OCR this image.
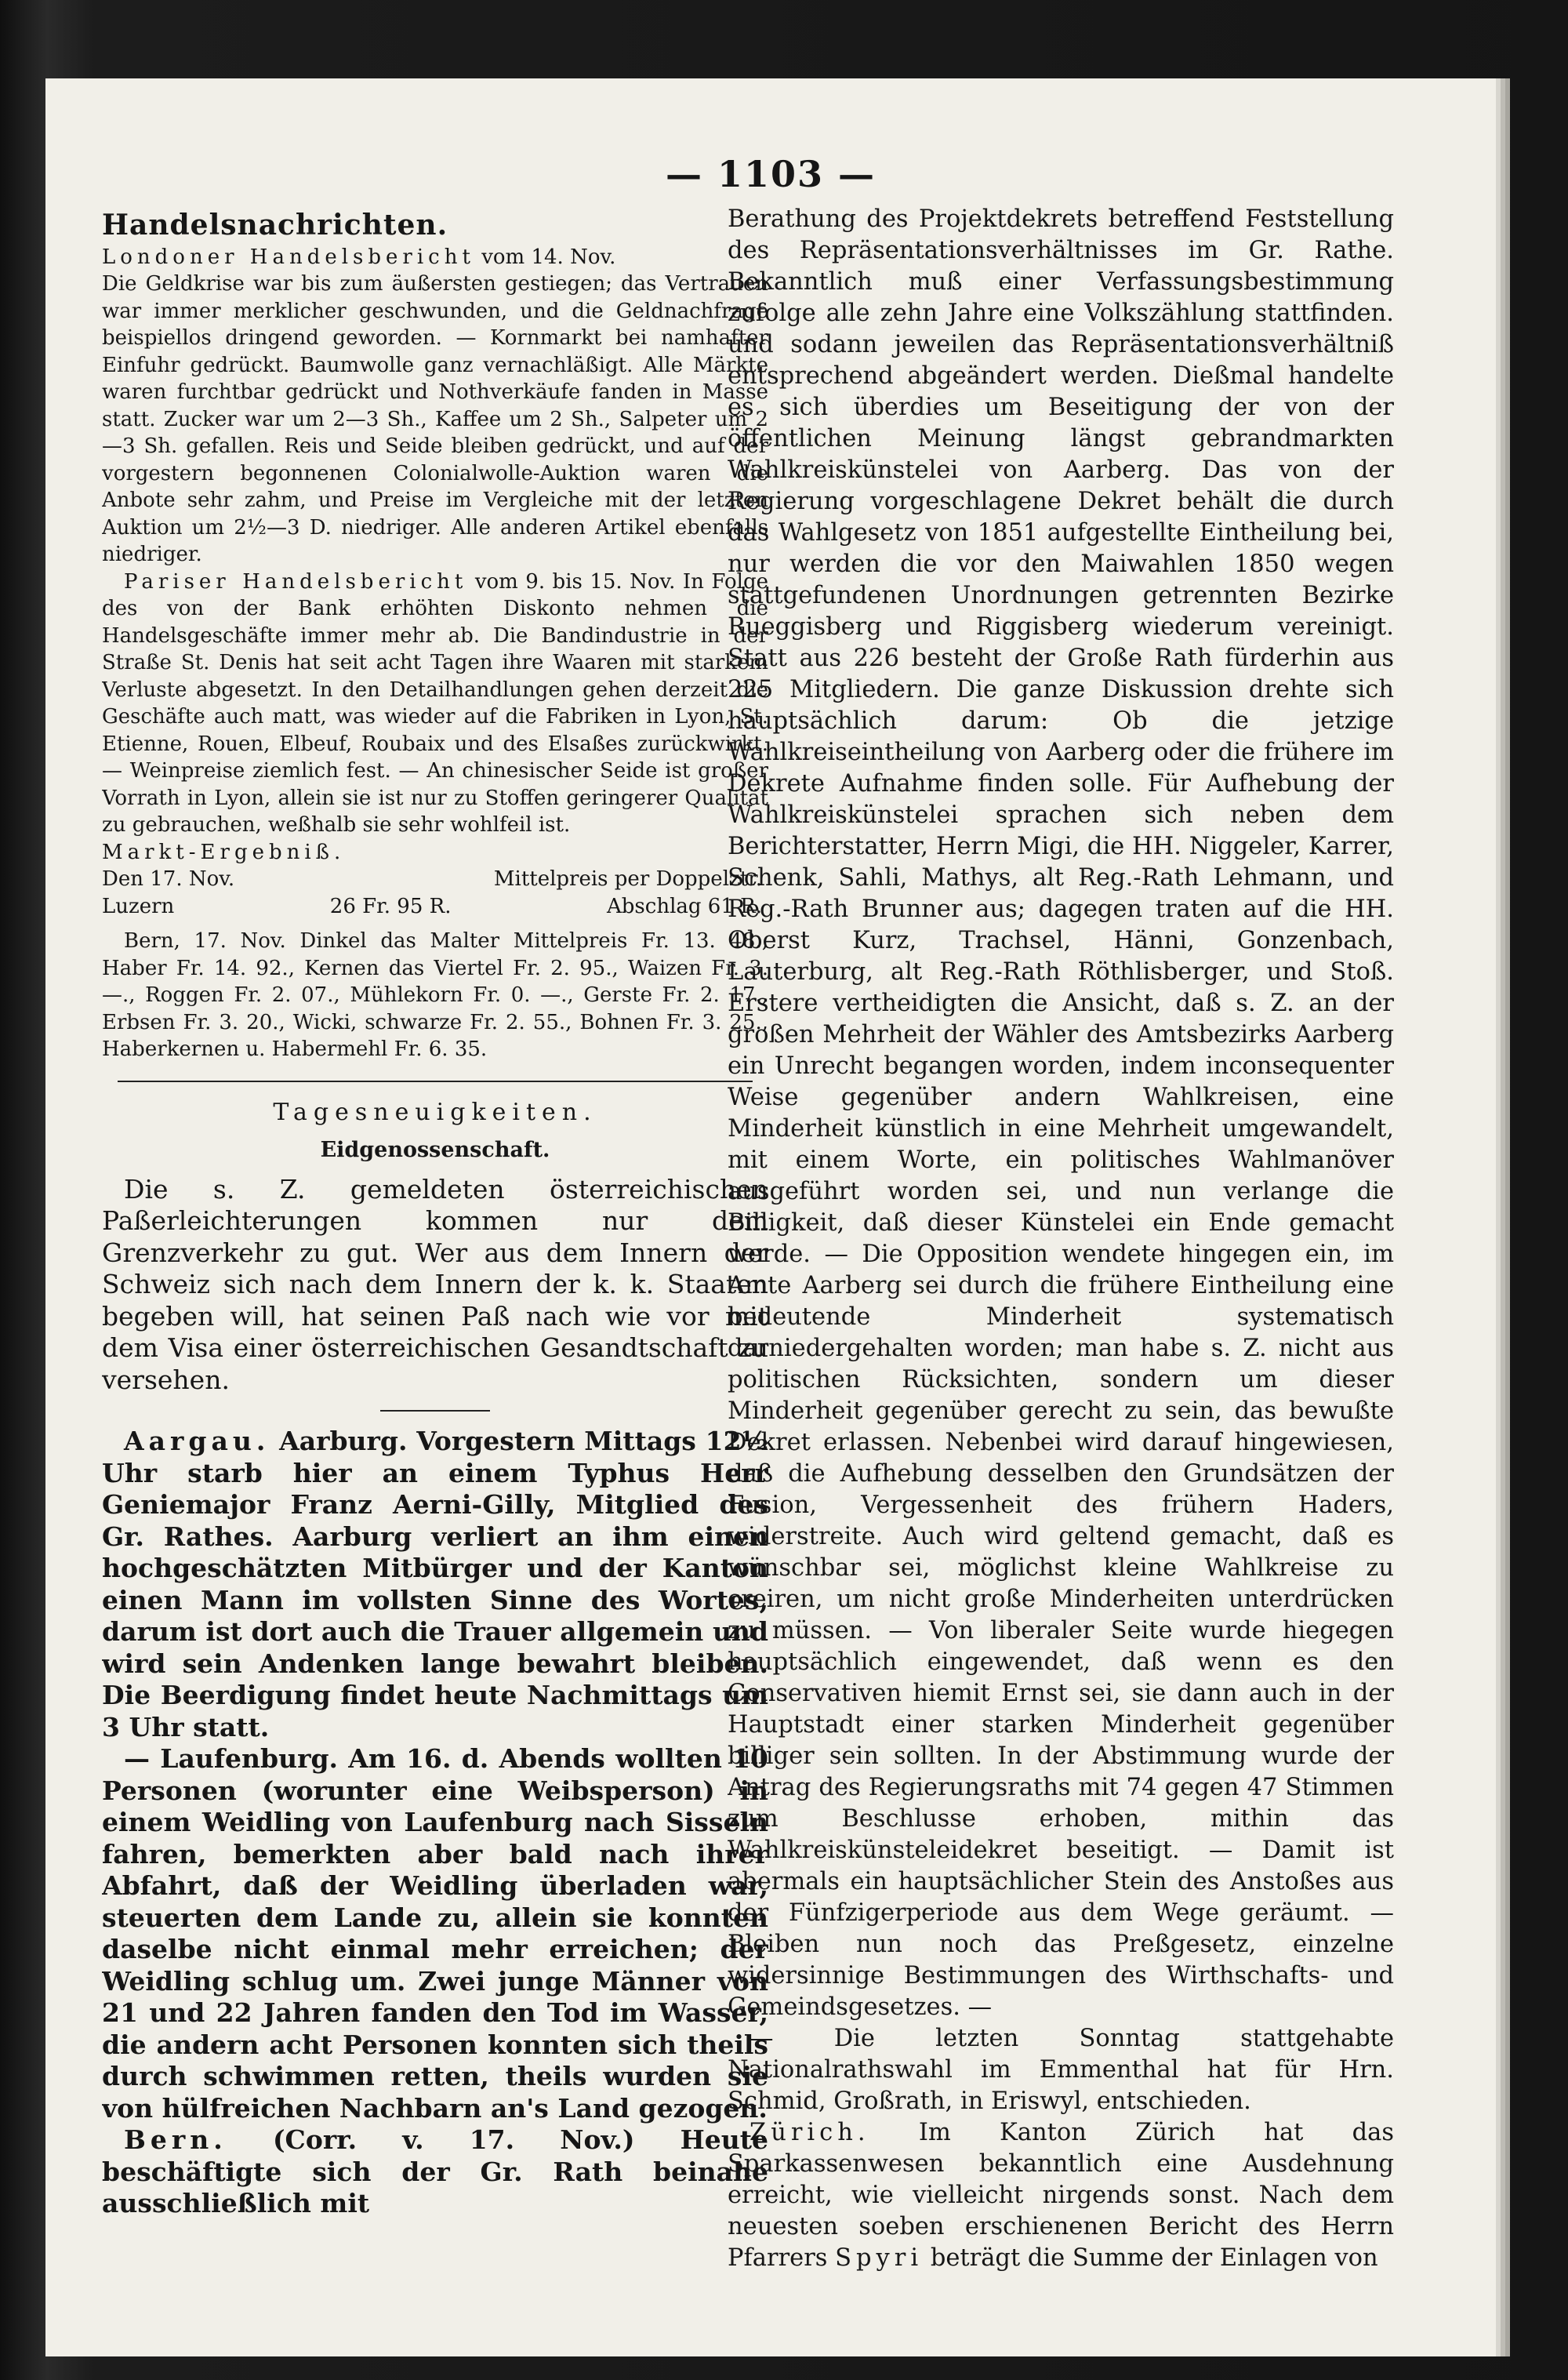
— 1103 —
Handelsnachrichten.

Londoner Handelsbericht vom 14. Nov.
Die Geldkrise war bis zum äußersten gestiegen; das Vertrauen war immer merklicher geschwunden, und die Geldnachfrage beispiellos dringend geworden. — Kornmarkt bei namhafter Einfuhr gedrückt. Baumwolle ganz vernachläßigt. Alle Märkte waren furchtbar gedrückt und Nothverkäufe fanden in Masse statt. Zucker war um 2—3 Sh., Kaffee um 2 Sh., Salpeter um 2—3 Sh. gefallen. Reis und Seide bleiben gedrückt, und auf der vorgestern begonnenen Colonialwolle-Auktion waren die Anbote sehr zahm, und Preise im Vergleiche mit der letzten Auktion um 2½—3 D. niedriger. Alle anderen Artikel ebenfalls niedriger.

Pariser Handelsbericht vom 9. bis 15. Nov. In Folge des von der Bank erhöhten Diskonto nehmen die Handelsgeschäfte immer mehr ab. Die Bandindustrie in der Straße St. Denis hat seit acht Tagen ihre Waaren mit starkem Verluste abgesetzt. In den Detailhandlungen gehen derzeit die Geschäfte auch matt, was wieder auf die Fabriken in Lyon, St. Etienne, Rouen, Elbeuf, Roubaix und des Elsaßes zurückwirkt. — Weinpreise ziemlich fest. — An chinesischer Seide ist großer Vorrath in Lyon, allein sie ist nur zu Stoffen geringerer Qualität zu gebrauchen, weßhalb sie sehr wohlfeil ist.

Markt-Ergebniß.

Den 17. Nov.	Mittelpreis per Doppelztr.
Luzern	26 Fr. 95 R.	Abschlag 61 R.

Bern, 17. Nov. Dinkel das Malter Mittelpreis Fr. 13. 48., Haber Fr. 14. 92., Kernen das Viertel Fr. 2. 95., Waizen Fr. 3. —., Roggen Fr. 2. 07., Mühlekorn Fr. 0. —., Gerste Fr. 2. 17., Erbsen Fr. 3. 20., Wicki, schwarze Fr. 2. 55., Bohnen Fr. 3. 25., Haberkernen u. Habermehl Fr. 6. 35.

Tagesneuigkeiten.
Eidgenossenschaft.

Die s. Z. gemeldeten österreichischen Paßerleichterungen kommen nur dem Grenzverkehr zu gut. Wer aus dem Innern der Schweiz sich nach dem Innern der k. k. Staaten begeben will, hat seinen Paß nach wie vor mit dem Visa einer österreichischen Gesandtschaft zu versehen.

Aargau. Aarburg. Vorgestern Mittags 12½ Uhr starb hier an einem Typhus Herr Geniemajor Franz Aerni-Gilly, Mitglied des Gr. Rathes. Aarburg verliert an ihm einen hochgeschätzten Mitbürger und der Kanton einen Mann im vollsten Sinne des Wortes, darum ist dort auch die Trauer allgemein und wird sein Andenken lange bewahrt bleiben. Die Beerdigung findet heute Nachmittags um 3 Uhr statt.

— Laufenburg. Am 16. d. Abends wollten 10 Personen (worunter eine Weibsperson) in einem Weidling von Laufenburg nach Sisseln fahren, bemerkten aber bald nach ihrer Abfahrt, daß der Weidling überladen war, steuerten dem Lande zu, allein sie konnten daselbe nicht einmal mehr erreichen; der Weidling schlug um. Zwei junge Männer von 21 und 22 Jahren fanden den Tod im Wasser, die andern acht Personen konnten sich theils durch schwimmen retten, theils wurden sie von hülfreichen Nachbarn an's Land gezogen.

Bern. (Corr. v. 17. Nov.) Heute beschäftigte sich der Gr. Rath beinahe ausschließlich mit

Berathung des Projektdekrets betreffend Feststellung des Repräsentationsverhältnisses im Gr. Rathe. Bekanntlich muß einer Verfassungsbestimmung zufolge alle zehn Jahre eine Volkszählung stattfinden. und sodann jeweilen das Repräsentationsverhältniß entsprechend abgeändert werden. Dießmal handelte es sich überdies um Beseitigung der von der öffentlichen Meinung längst gebrandmarkten Wahlkreiskünstelei von Aarberg. Das von der Regierung vorgeschlagene Dekret behält die durch das Wahlgesetz von 1851 aufgestellte Eintheilung bei, nur werden die vor den Maiwahlen 1850 wegen stattgefundenen Unordnungen getrennten Bezirke Rueggisberg und Riggisberg wiederum vereinigt. Statt aus 226 besteht der Große Rath fürderhin aus 225 Mitgliedern. Die ganze Diskussion drehte sich hauptsächlich darum: Ob die jetzige Wahlkreiseintheilung von Aarberg oder die frühere im Dekrete Aufnahme finden solle. Für Aufhebung der Wahlkreiskünstelei sprachen sich neben dem Berichterstatter, Herrn Migi, die HH. Niggeler, Karrer, Schenk, Sahli, Mathys, alt Reg.-Rath Lehmann, und Reg.-Rath Brunner aus; dagegen traten auf die HH. Oberst Kurz, Trachsel, Hänni, Gonzenbach, Lauterburg, alt Reg.-Rath Röthlisberger, und Stoß. Erstere vertheidigten die Ansicht, daß s. Z. an der großen Mehrheit der Wähler des Amtsbezirks Aarberg ein Unrecht begangen worden, indem inconsequenter Weise gegenüber andern Wahlkreisen, eine Minderheit künstlich in eine Mehrheit umgewandelt, mit einem Worte, ein politisches Wahlmanöver ausgeführt worden sei, und nun verlange die Billigkeit, daß dieser Künstelei ein Ende gemacht werde. — Die Opposition wendete hingegen ein, im Amte Aarberg sei durch die frühere Eintheilung eine bedeutende Minderheit systematisch darniedergehalten worden; man habe s. Z. nicht aus politischen Rücksichten, sondern um dieser Minderheit gegenüber gerecht zu sein, das bewußte Dekret erlassen. Nebenbei wird darauf hingewiesen, daß die Aufhebung desselben den Grundsätzen der Fusion, Vergessenheit des frühern Haders, widerstreite. Auch wird geltend gemacht, daß es wünschbar sei, möglichst kleine Wahlkreise zu creiren, um nicht große Minderheiten unterdrücken zu müssen. — Von liberaler Seite wurde hiegegen hauptsächlich eingewendet, daß wenn es den Conservativen hiemit Ernst sei, sie dann auch in der Hauptstadt einer starken Minderheit gegenüber billiger sein sollten. In der Abstimmung wurde der Antrag des Regierungsraths mit 74 gegen 47 Stimmen zum Beschlusse erhoben, mithin das Wahlkreiskünsteleidekret beseitigt. — Damit ist abermals ein hauptsächlicher Stein des Anstoßes aus der Fünfzigerperiode aus dem Wege geräumt. — Bleiben nun noch das Preßgesetz, einzelne widersinnige Bestimmungen des Wirthschafts- und Gemeindsgesetzes. —

— Die letzten Sonntag stattgehabte Nationalrathswahl im Emmenthal hat für Hrn. Schmid, Großrath, in Eriswyl, entschieden.

Zürich. Im Kanton Zürich hat das Sparkassenwesen bekanntlich eine Ausdehnung erreicht, wie vielleicht nirgends sonst. Nach dem neuesten soeben erschienenen Bericht des Herrn Pfarrers Spyri beträgt die Summe der Einlagen von
